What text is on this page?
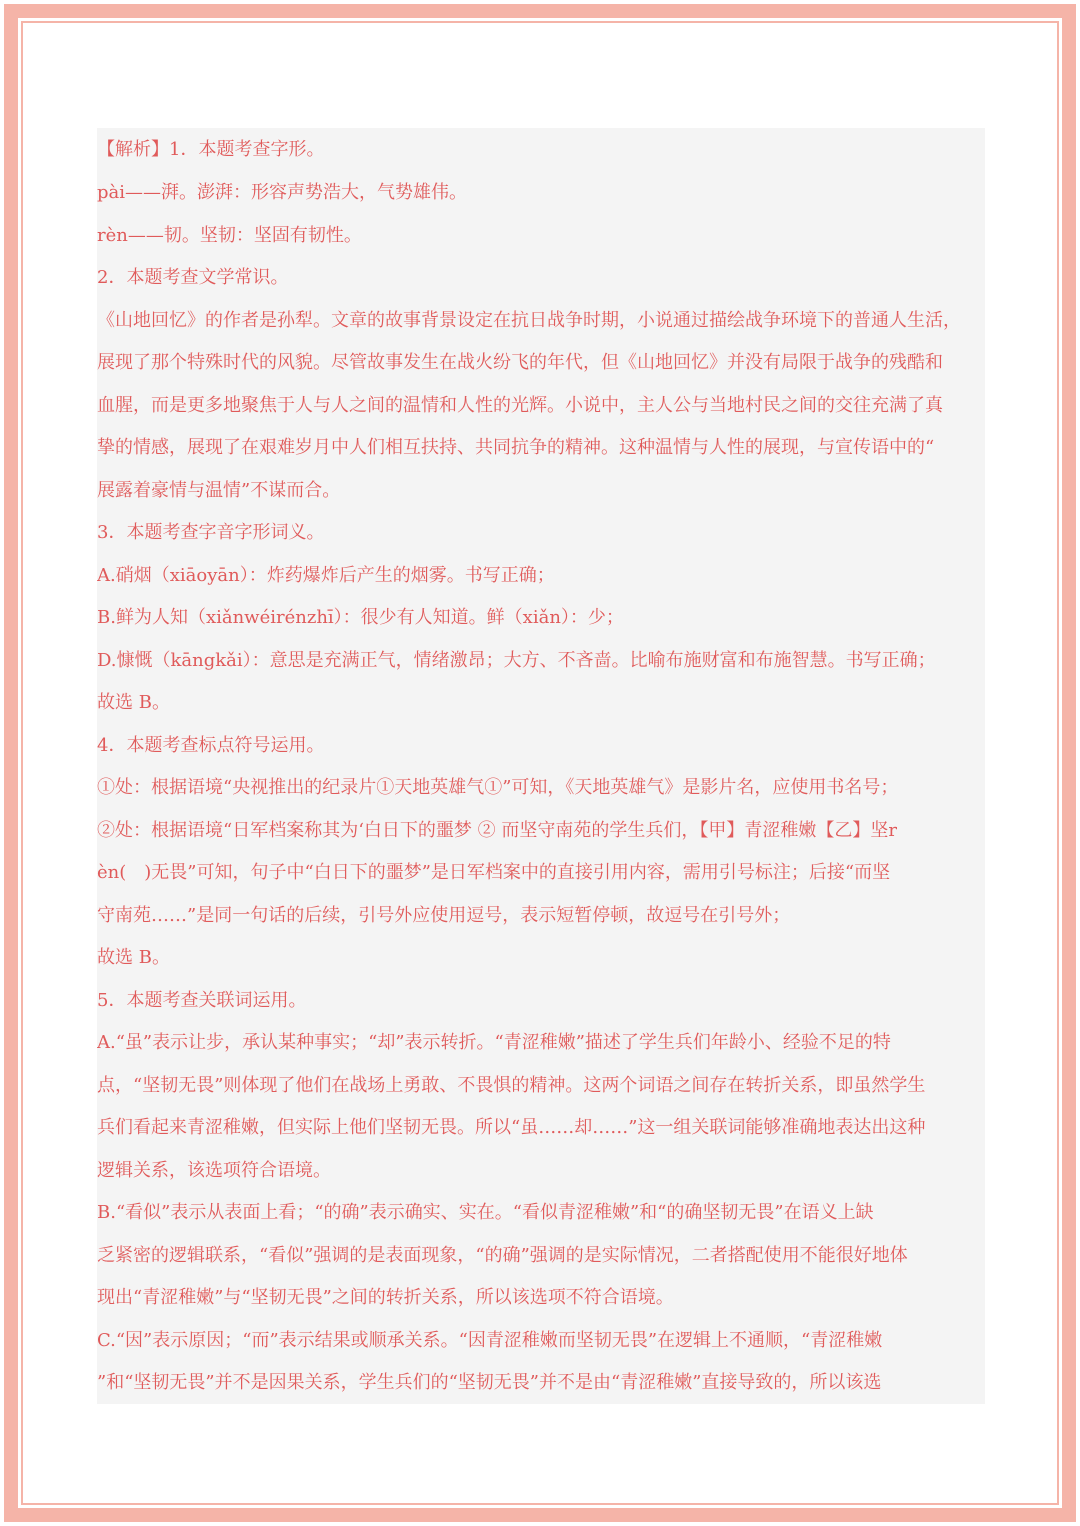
【解析】1．本题考查字形。
pài——湃。澎湃：形容声势浩大，气势雄伟。
rèn——韧。坚韧：坚固有韧性。
2．本题考查文学常识。
《山地回忆》的作者是孙犁。文章的故事背景设定在抗日战争时期，小说通过描绘战争环境下的普通人生活，
展现了那个特殊时代的风貌。尽管故事发生在战火纷飞的年代，但《山地回忆》并没有局限于战争的残酷和
血腥，而是更多地聚焦于人与人之间的温情和人性的光辉。小说中，主人公与当地村民之间的交往充满了真
挚的情感，展现了在艰难岁月中人们相互扶持、共同抗争的精神。这种温情与人性的展现，与宣传语中的“
展露着豪情与温情”不谋而合。
3．本题考查字音字形词义。
A.硝烟（xiāoyān）：炸药爆炸后产生的烟雾。书写正确；
B.鲜为人知（xiǎnwéirénzhī）：很少有人知道。鲜（xiǎn）：少；
D.慷慨（kāngkǎi）：意思是充满正气，情绪激昂；大方、不吝啬。比喻布施财富和布施智慧。书写正确；
故选 B。
4．本题考查标点符号运用。
①处：根据语境“央视推出的纪录片①天地英雄气①”可知，《天地英雄气》是影片名，应使用书名号；
②处：根据语境“日军档案称其为‘白日下的噩梦 ② 而坚守南苑的学生兵们，【甲】青涩稚嫩【乙】坚r
èn(　)无畏”可知，句子中“白日下的噩梦”是日军档案中的直接引用内容，需用引号标注；后接“而坚
守南苑……”是同一句话的后续，引号外应使用逗号，表示短暂停顿，故逗号在引号外；
故选 B。
5．本题考查关联词运用。
A.“虽”表示让步，承认某种事实；“却”表示转折。“青涩稚嫩”描述了学生兵们年龄小、经验不足的特
点，“坚韧无畏”则体现了他们在战场上勇敢、不畏惧的精神。这两个词语之间存在转折关系，即虽然学生
兵们看起来青涩稚嫩，但实际上他们坚韧无畏。所以“虽……却……”这一组关联词能够准确地表达出这种
逻辑关系，该选项符合语境。
B.“看似”表示从表面上看；“的确”表示确实、实在。“看似青涩稚嫩”和“的确坚韧无畏”在语义上缺
乏紧密的逻辑联系，“看似”强调的是表面现象，“的确”强调的是实际情况，二者搭配使用不能很好地体
现出“青涩稚嫩”与“坚韧无畏”之间的转折关系，所以该选项不符合语境。
C.“因”表示原因；“而”表示结果或顺承关系。“因青涩稚嫩而坚韧无畏”在逻辑上不通顺，“青涩稚嫩
”和“坚韧无畏”并不是因果关系，学生兵们的“坚韧无畏”并不是由“青涩稚嫩”直接导致的，所以该选
